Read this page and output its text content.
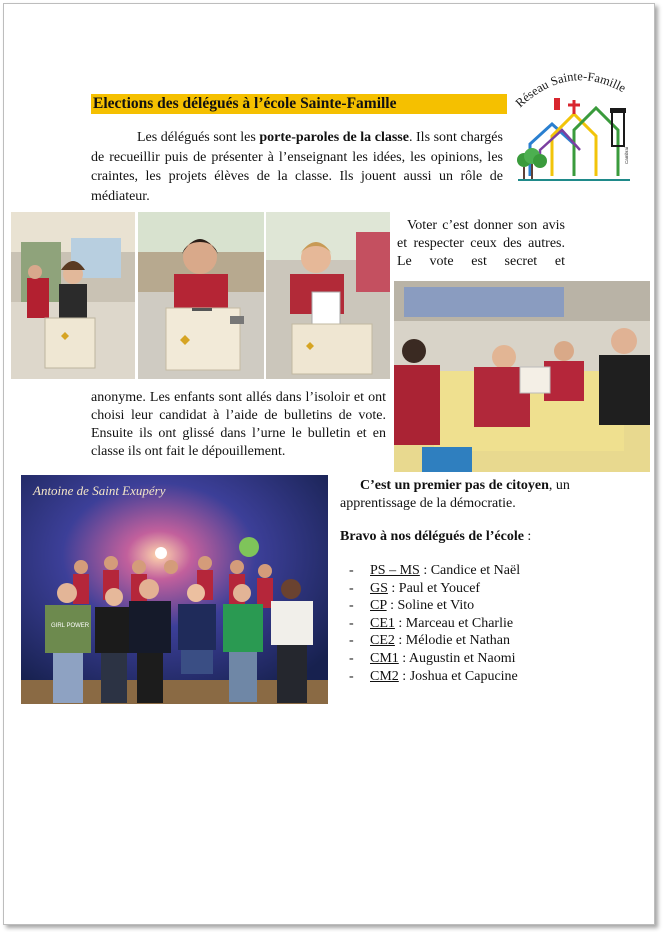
Elections des délégués à l’école Sainte-Famille
Les délégués sont les porte-paroles de la classe. Ils sont chargés de recueillir puis de présenter à l’enseignant les idées, les opinions, les craintes, les projets élèves de la classe. Ils jouent aussi un rôle de médiateur.
Réseau Sainte-Famille
Cambrai
Voter c’est donner son avis et respecter ceux des autres. Le vote est secret et
anonyme. Les enfants sont allés dans l’isoloir et ont choisi leur candidat à l’aide de bulletins de vote. Ensuite ils ont glissé dans l’urne le bulletin et en classe ils ont fait le dépouillement.
Antoine de Saint Exupéry
GIRL POWER
C’est un premier pas de citoyen, un apprentissage de la démocratie.
Bravo à nos délégués de l’école :
- PS – MS : Candice et Naël
- GS : Paul et Youcef
- CP : Soline et Vito
- CE1 : Marceau et Charlie
- CE2 : Mélodie et Nathan
- CM1 : Augustin et Naomi
- CM2 : Joshua et Capucine
